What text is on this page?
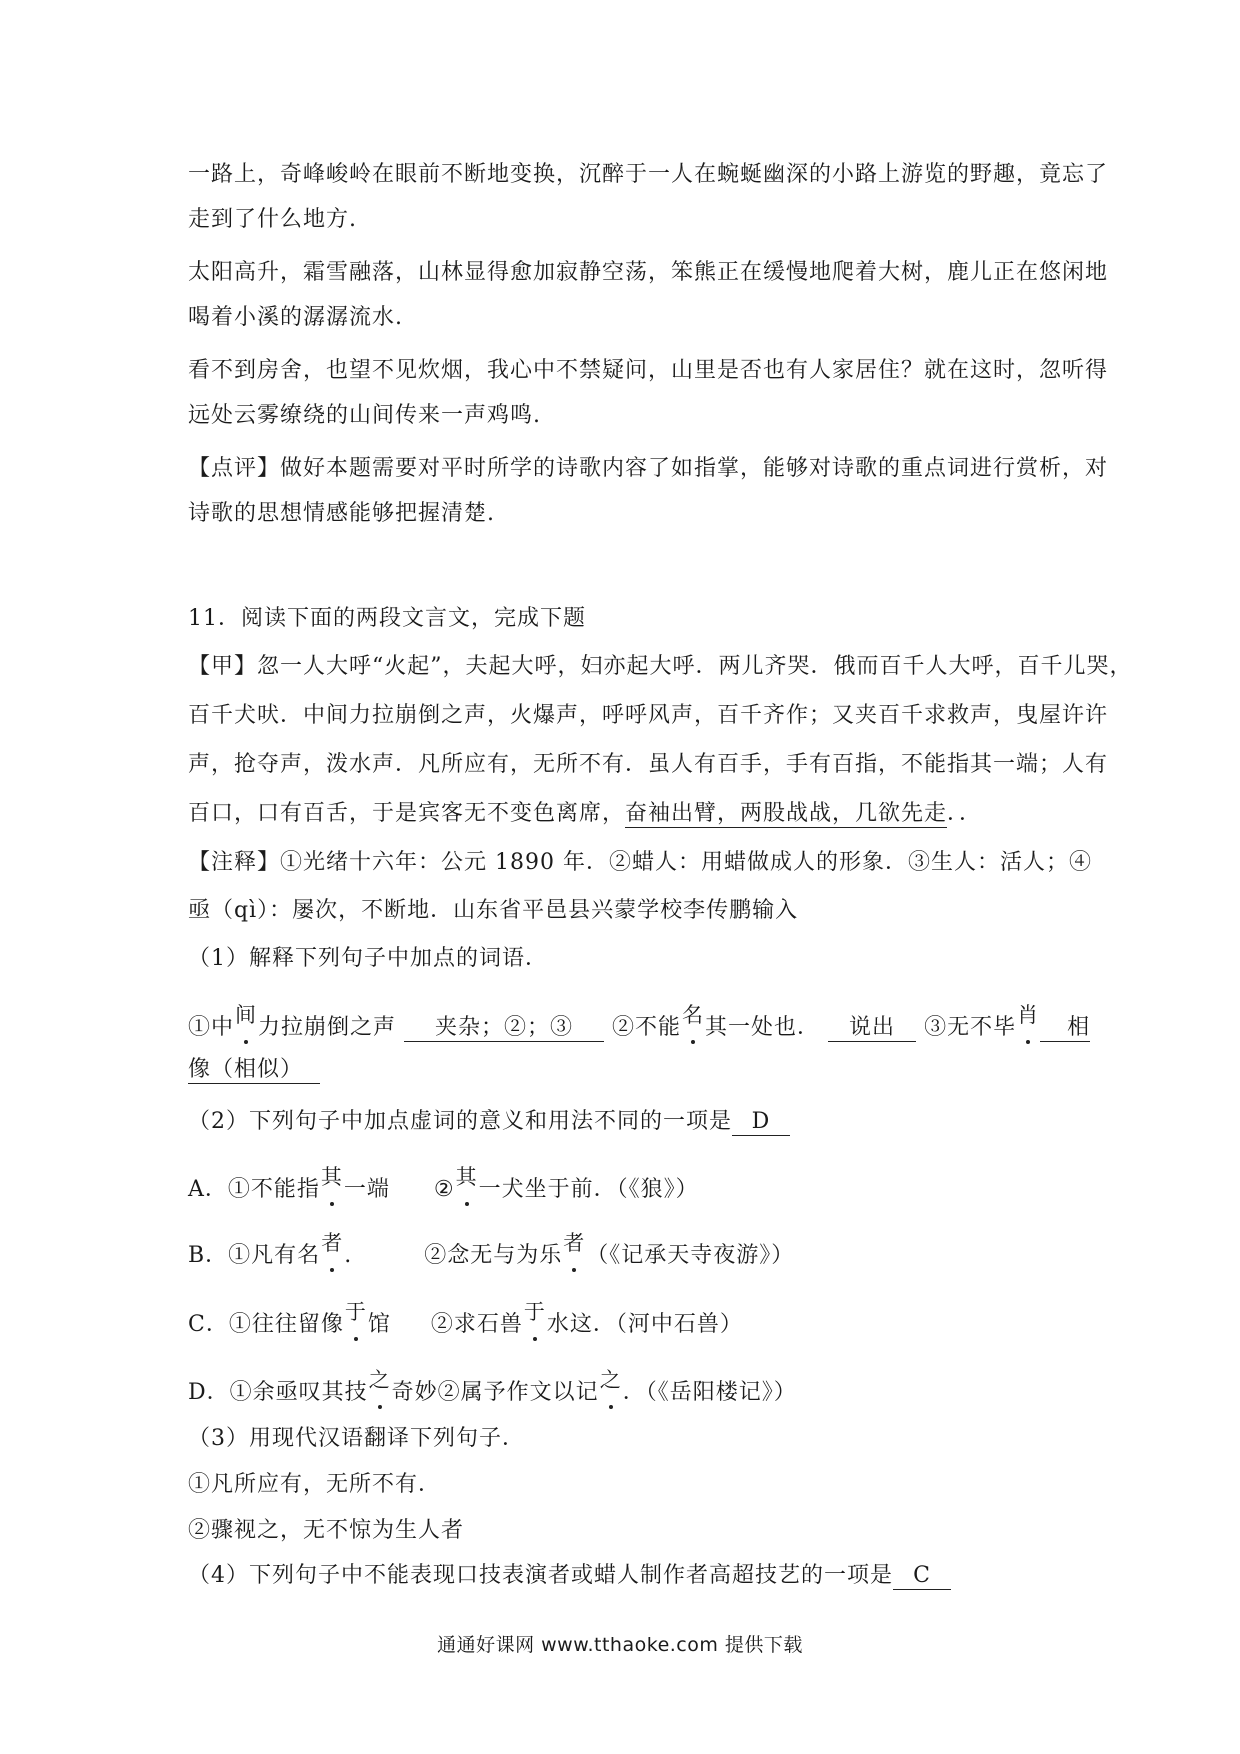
一路上，奇峰峻岭在眼前不断地变换，沉醉于一人在蜿蜒幽深的小路上游览的野趣，竟忘了
走到了什么地方.
太阳高升，霜雪融落，山林显得愈加寂静空荡，笨熊正在缓慢地爬着大树，鹿儿正在悠闲地
喝着小溪的潺潺流水.
看不到房舍，也望不见炊烟，我心中不禁疑问，山里是否也有人家居住？就在这时，忽听得
远处云雾缭绕的山间传来一声鸡鸣.
【点评】做好本题需要对平时所学的诗歌内容了如指掌，能够对诗歌的重点词进行赏析，对
诗歌的思想情感能够把握清楚.
11．阅读下面的两段文言文，完成下题
【甲】忽一人大呼“火起”，夫起大呼，妇亦起大呼．两儿齐哭．俄而百千人大呼，百千儿哭，
百千犬吠．中间力拉崩倒之声，火爆声，呼呼风声，百千齐作；又夹百千求救声，曳屋许许
声，抢夺声，泼水声．凡所应有，无所不有．虽人有百手，手有百指，不能指其一端；人有
百口，口有百舌，于是宾客无不变色离席，奋袖出臂，两股战战，几欲先走．．
【注释】①光绪十六年：公元 1890 年．②蜡人：用蜡做成人的形象．③生人：活人；④
亟（qì）：屡次，不断地．山东省平邑县兴蒙学校李传鹏输入
（1）解释下列句子中加点的词语．
①中间力拉崩倒之声 夹杂；②；③ ②不能名其一处也． 说出 ③无不毕肖 相
像（相似）
（2）下列句子中加点虚词的意义和用法不同的一项是 D
A．①不能指其一端 ②其一犬坐于前．（《狼》）
B．①凡有名者.	②念无与为乐者（《记承天寺夜游》）
C．①往往留像于馆 ②求石兽于水这．（河中石兽）
D．①余亟叹其技之奇妙②属予作文以记之．（《岳阳楼记》）
（3）用现代汉语翻译下列句子．
①凡所应有，无所不有．
②骤视之，无不惊为生人者
（4）下列句子中不能表现口技表演者或蜡人制作者高超技艺的一项是 C
通通好课网 www.tthaoke.com 提供下载
